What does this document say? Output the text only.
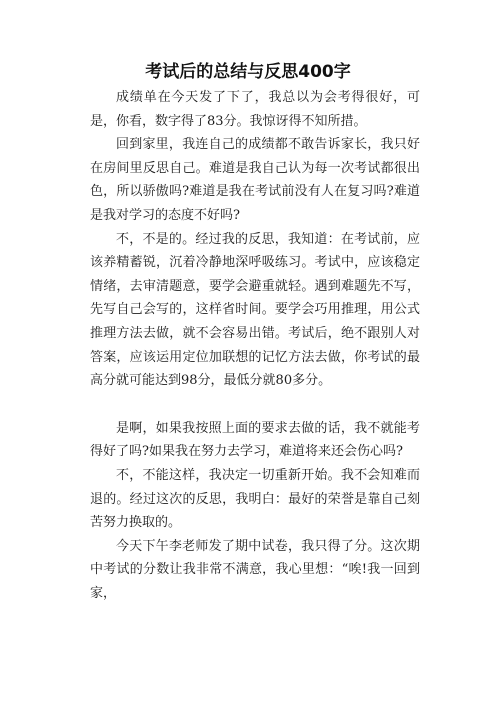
考试后的总结与反思400字

成绩单在今天发了下了，我总以为会考得很好，可是，你看，数字得了83分。我惊讶得不知所措。

回到家里，我连自己的成绩都不敢告诉家长，我只好在房间里反思自己。难道是我自己认为每一次考试都很出色，所以骄傲吗?难道是我在考试前没有人在复习吗?难道是我对学习的态度不好吗?

不，不是的。经过我的反思，我知道：在考试前，应该养精蓄锐，沉着冷静地深呼吸练习。考试中，应该稳定情绪，去审清题意，要学会避重就轻。遇到难题先不写，先写自己会写的，这样省时间。要学会巧用推理，用公式推理方法去做，就不会容易出错。考试后，绝不跟别人对答案，应该运用定位加联想的记忆方法去做，你考试的最高分就可能达到98分，最低分就80多分。

是啊，如果我按照上面的要求去做的话，我不就能考得好了吗?如果我在努力去学习，难道将来还会伤心吗?

不，不能这样，我决定一切重新开始。我不会知难而退的。经过这次的反思，我明白：最好的荣誉是靠自己刻苦努力换取的。

今天下午李老师发了期中试卷，我只得了分。这次期中考试的分数让我非常不满意，我心里想：“唉!我一回到家，
